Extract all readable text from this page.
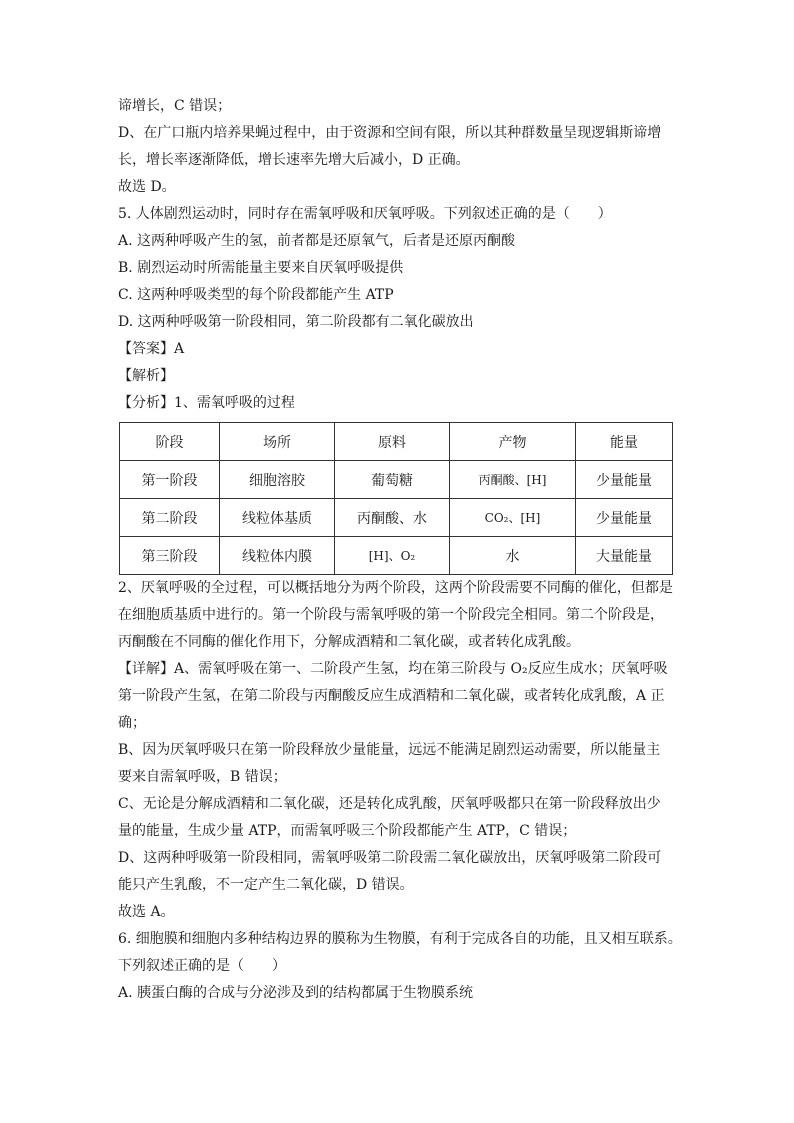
谛增长，C 错误；
D、在广口瓶内培养果蝇过程中，由于资源和空间有限，所以其种群数量呈现逻辑斯谛增
长，增长率逐渐降低，增长速率先增大后减小，D 正确。
故选 D。
5. 人体剧烈运动时，同时存在需氧呼吸和厌氧呼吸。下列叙述正确的是（　　）
A. 这两种呼吸产生的氢，前者都是还原氧气，后者是还原丙酮酸
B. 剧烈运动时所需能量主要来自厌氧呼吸提供
C. 这两种呼吸类型的每个阶段都能产生 ATP
D. 这两种呼吸第一阶段相同，第二阶段都有二氧化碳放出
【答案】A
【解析】
【分析】1、需氧呼吸的过程
阶段	场所	原料	产物	能量
第一阶段	细胞溶胶	葡萄糖	丙酮酸、[H]	少量能量
第二阶段	线粒体基质	丙酮酸、水	CO₂、[H]	少量能量
第三阶段	线粒体内膜	[H]、O₂	水	大量能量
2、厌氧呼吸的全过程，可以概括地分为两个阶段，这两个阶段需要不同酶的催化，但都是
在细胞质基质中进行的。第一个阶段与需氧呼吸的第一个阶段完全相同。第二个阶段是，
丙酮酸在不同酶的催化作用下，分解成酒精和二氧化碳，或者转化成乳酸。
【详解】A、需氧呼吸在第一、二阶段产生氢，均在第三阶段与 O₂反应生成水；厌氧呼吸
第一阶段产生氢，在第二阶段与丙酮酸反应生成酒精和二氧化碳，或者转化成乳酸，A 正
确；
B、因为厌氧呼吸只在第一阶段释放少量能量，远远不能满足剧烈运动需要，所以能量主
要来自需氧呼吸，B 错误；
C、无论是分解成酒精和二氧化碳，还是转化成乳酸，厌氧呼吸都只在第一阶段释放出少
量的能量，生成少量 ATP，而需氧呼吸三个阶段都能产生 ATP，C 错误；
D、这两种呼吸第一阶段相同，需氧呼吸第二阶段需二氧化碳放出，厌氧呼吸第二阶段可
能只产生乳酸，不一定产生二氧化碳，D 错误。
故选 A。
6. 细胞膜和细胞内多种结构边界的膜称为生物膜，有利于完成各自的功能，且又相互联系。
下列叙述正确的是（　　）
A. 胰蛋白酶的合成与分泌涉及到的结构都属于生物膜系统
